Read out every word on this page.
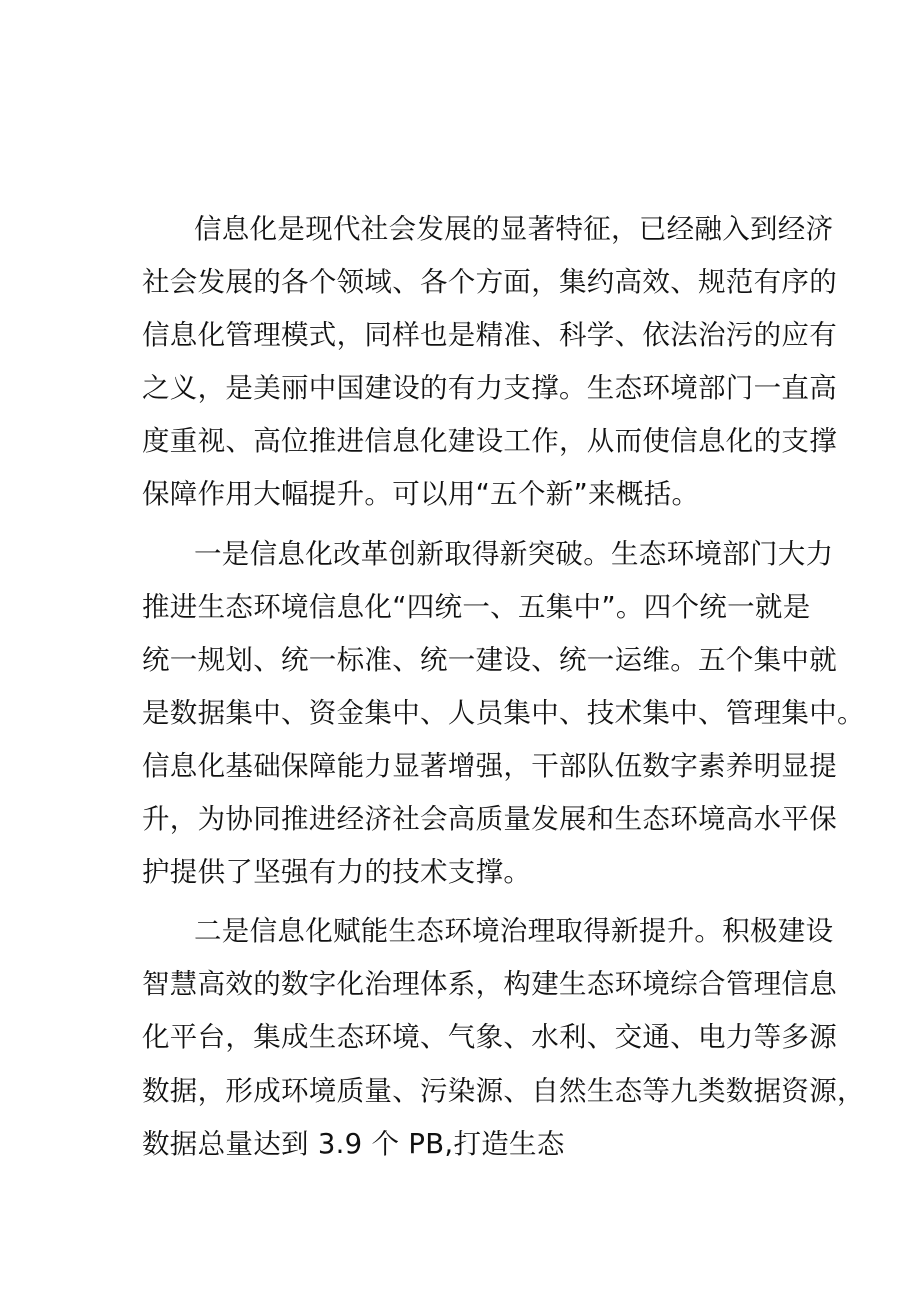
信息化是现代社会发展的显著特征，已经融入到经济
社会发展的各个领域、各个方面，集约高效、规范有序的
信息化管理模式，同样也是精准、科学、依法治污的应有
之义，是美丽中国建设的有力支撑。生态环境部门一直高
度重视、高位推进信息化建设工作，从而使信息化的支撑
保障作用大幅提升。可以用“五个新”来概括。
一是信息化改革创新取得新突破。生态环境部门大力
推进生态环境信息化“四统一、五集中”。四个统一就是
统一规划、统一标准、统一建设、统一运维。五个集中就
是数据集中、资金集中、人员集中、技术集中、管理集中。
信息化基础保障能力显著增强，干部队伍数字素养明显提
升，为协同推进经济社会高质量发展和生态环境高水平保
护提供了坚强有力的技术支撑。
二是信息化赋能生态环境治理取得新提升。积极建设
智慧高效的数字化治理体系，构建生态环境综合管理信息
化平台，集成生态环境、气象、水利、交通、电力等多源
数据，形成环境质量、污染源、自然生态等九类数据资源，
数据总量达到 3.9 个 PB,打造生态
